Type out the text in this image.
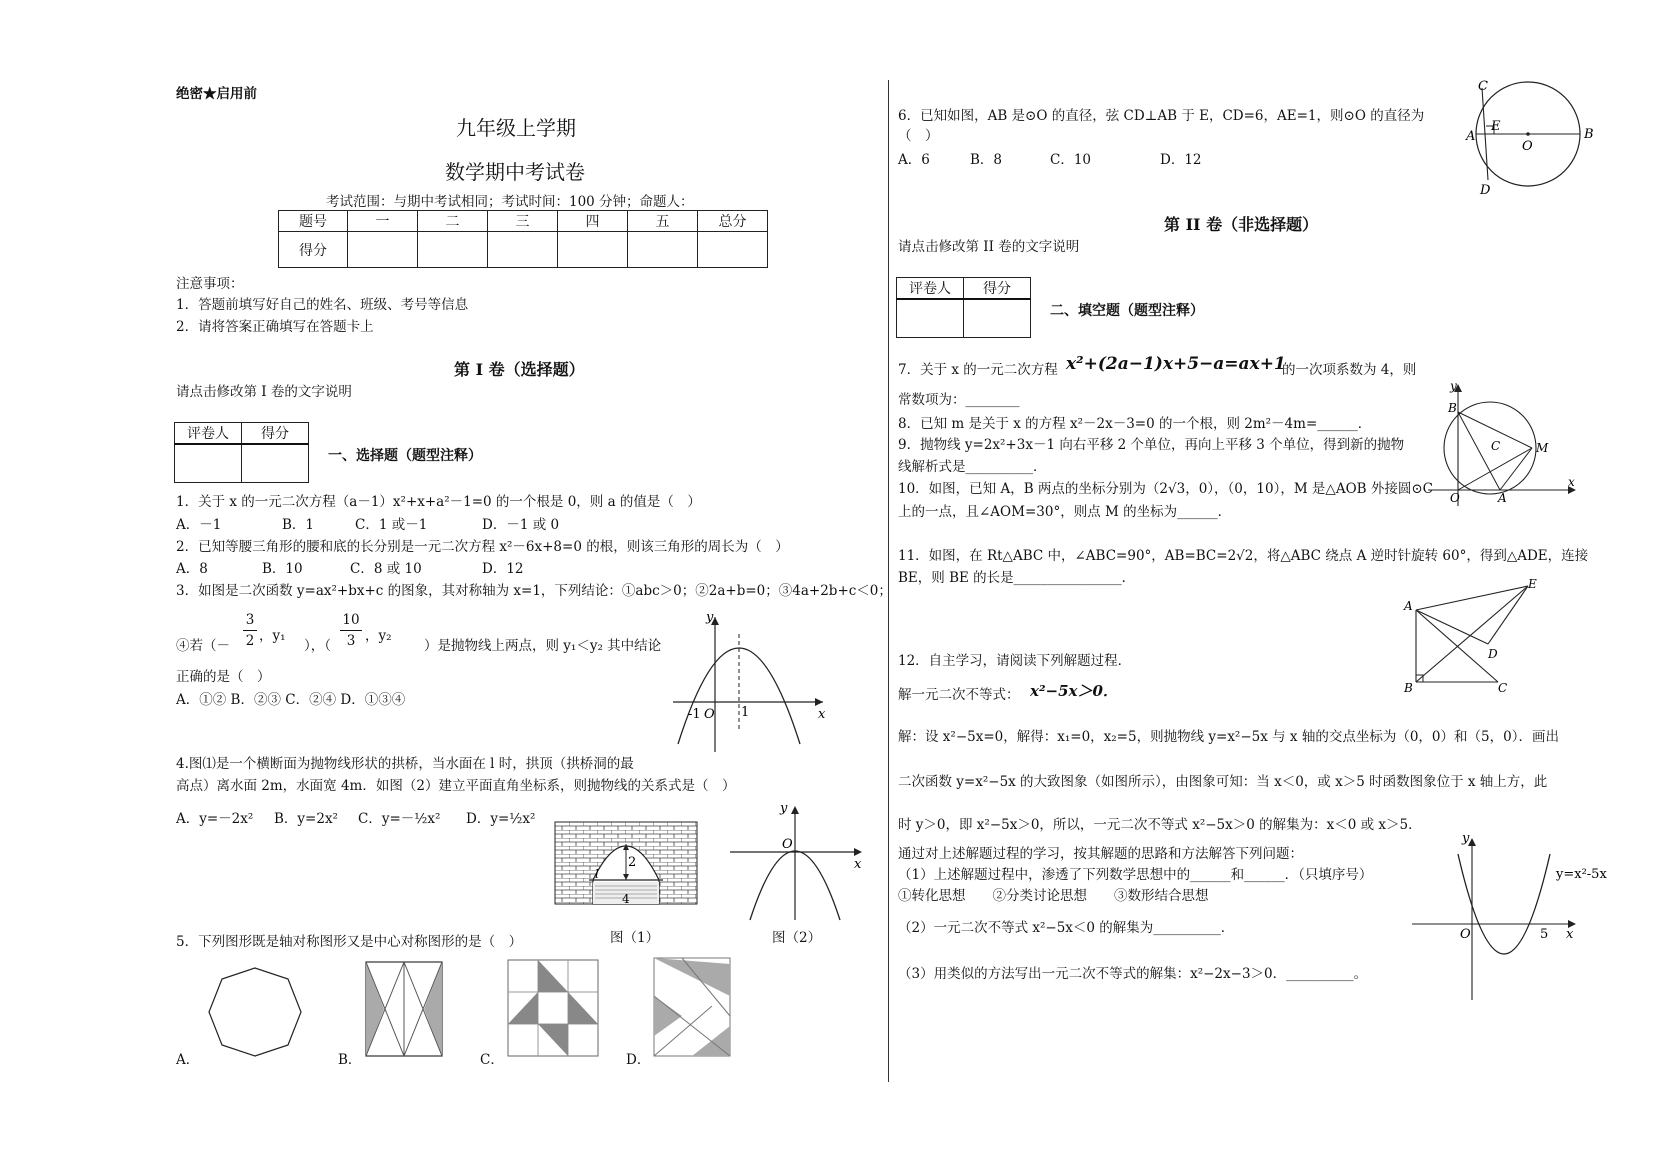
绝密★启用前
九年级上学期
数学期中考试卷
考试范围：与期中考试相同；考试时间：100 分钟；命题人：
题号	一	二	三	四	五	总分
得分						
注意事项：
1．答题前填写好自己的姓名、班级、考号等信息
2．请将答案正确填写在答题卡上
第 I 卷（选择题）
请点击修改第 I 卷的文字说明
评卷人	得分

一、选择题（题型注释）
1．关于 x 的一元二次方程（a－1）x²+x+a²－1=0 的一个根是 0，则 a 的值是（　）
A．－1	B．1	C．1 或－1	D．－1 或 0
2．已知等腰三角形的腰和底的长分别是一元二次方程 x²－6x+8=0 的根，则该三角形的周长为（　）
A．8	B．10	C．8 或 10	D．12
3．如图是二次函数 y=ax²+bx+c 的图象，其对称轴为 x=1，下列结论：①abc＞0；②2a+b=0；③4a+2b+c＜0；
④若（－
3
2 ，y₁
），（
10
3 ，y₂
）是抛物线上两点，则 y₁＜y₂ 其中结论
正确的是（　）
A．①② B．②③ C．②④ D．①③④
y
x
-1 O 1
4.图⑴是一个横断面为抛物线形状的拱桥，当水面在 l 时，拱顶（拱桥洞的最
高点）离水面 2m，水面宽 4m．如图（2）建立平面直角坐标系，则抛物线的关系式是（　）
A．y=－2x² B．y=2x² C．y=－½x² D．y=½x²
2
l
4
图（1）
y
O
x
图（2）
5．下列图形既是轴对称图形又是中心对称图形的是（　）
A．	B．	C．	D．
6．已知如图，AB 是⊙O 的直径，弦 CD⊥AB 于 E，CD=6，AE=1，则⊙O 的直径为
（　）
A．6	B．8	C．10	D．12
C
A
E
O
B
D
第 II 卷（非选择题）
请点击修改第 II 卷的文字说明
评卷人	得分

二、填空题（题型注释）
7．关于 x 的一元二次方程 x²+(2a−1)x+5−a=ax+1
的一次项系数为 4，则
常数项为：________
8．已知 m 是关于 x 的方程 x²－2x－3=0 的一个根，则 2m²－4m=______．
9．抛物线 y=2x²+3x－1 向右平移 2 个单位，再向上平移 3 个单位，得到新的抛物
线解析式是__________．
10．如图，已知 A，B 两点的坐标分别为（2√3，0），（0，10），M 是△AOB 外接圆⊙C
上的一点，且∠AOM=30°，则点 M 的坐标为______．
y
B
C	M
O	A
x
11．如图，在 Rt△ABC 中，∠ABC=90°，AB=BC=2√2，将△ABC 绕点 A 逆时针旋转 60°，得到△ADE，连接
BE，则 BE 的长是________________．
A
E
D
B	C
12．自主学习，请阅读下列解题过程．
解一元二次不等式： x²−5x＞0．
解：设 x²−5x=0，解得：x₁=0，x₂=5，则抛物线 y=x²−5x 与 x 轴的交点坐标为（0，0）和（5，0）．画出
二次函数 y=x²−5x 的大致图象（如图所示），由图象可知：当 x＜0，或 x＞5 时函数图象位于 x 轴上方，此
时 y＞0，即 x²−5x＞0，所以，一元二次不等式 x²−5x＞0 的解集为：x＜0 或 x＞5．
通过对上述解题过程的学习，按其解题的思路和方法解答下列问题：
（1）上述解题过程中，渗透了下列数学思想中的______和______．（只填序号）
①转化思想　　②分类讨论思想　　③数形结合思想
（2）一元二次不等式 x²−5x＜0 的解集为__________．
（3）用类似的方法写出一元二次不等式的解集：x²−2x−3＞0．__________。
y
y=x²-5x
O	5 x
